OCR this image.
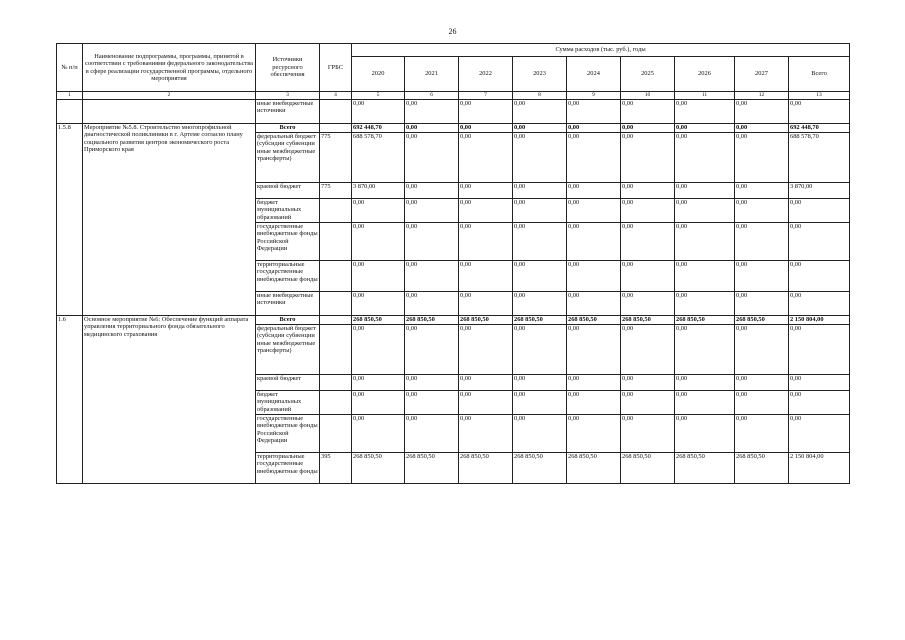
26
№ п/п	Наименование подпрограммы, программы, принятой в соответствии с требованиями федерального законодательства в сфере реализации государственной программы, отдельного мероприятия	Источники ресурсного обеспечения	ГРБС	Сумма расходов (тыс. руб.), годы								
				2020	2021	2022	2023	2024	2025	2026	2027	Всего
1	2	3	4	5	6	7	8	9	10	11	12	13
		иные внебюджетные источники		0,00	0,00	0,00	0,00	0,00	0,00	0,00	0,00	0,00
1.5.8	Мероприятие №5.8. Строительство многопрофильной диагностической поликлиники в г. Артеме согласно плану социального развития центров экономического роста Приморского края	Всего		692 448,70	0,00	0,00	0,00	0,00	0,00	0,00	0,00	692 448,70
		федеральный бюджет (субсидии субвенции иные межбюджетные трансферты)	775	688 578,70	0,00	0,00	0,00	0,00	0,00	0,00	0,00	688 578,70
		краевой бюджет	775	3 870,00	0,00	0,00	0,00	0,00	0,00	0,00	0,00	3 870,00
		бюджет муниципальных образований		0,00	0,00	0,00	0,00	0,00	0,00	0,00	0,00	0,00
		государственные внебюджетные фонды Российской Федерации		0,00	0,00	0,00	0,00	0,00	0,00	0,00	0,00	0,00
		территориальные государственные внебюджетные фонды		0,00	0,00	0,00	0,00	0,00	0,00	0,00	0,00	0,00
		иные внебюджетные источники		0,00	0,00	0,00	0,00	0,00	0,00	0,00	0,00	0,00
1.6	Основное мероприятие №6: Обеспечение функций аппарата управления территориального фонда обязательного медицинского страхования	Всего		268 850,50	268 850,50	268 850,50	268 850,50	268 850,50	268 850,50	268 850,50	268 850,50	2 150 804,00
		федеральный бюджет (субсидии субвенции иные межбюджетные трансферты)		0,00	0,00	0,00	0,00	0,00	0,00	0,00	0,00	0,00
		краевой бюджет		0,00	0,00	0,00	0,00	0,00	0,00	0,00	0,00	0,00
		бюджет муниципальных образований		0,00	0,00	0,00	0,00	0,00	0,00	0,00	0,00	0,00
		государственные внебюджетные фонды Российской Федерации		0,00	0,00	0,00	0,00	0,00	0,00	0,00	0,00	0,00
		территориальные государственные внебюджетные фонды	395	268 850,50	268 850,50	268 850,50	268 850,50	268 850,50	268 850,50	268 850,50	268 850,50	2 150 804,00
